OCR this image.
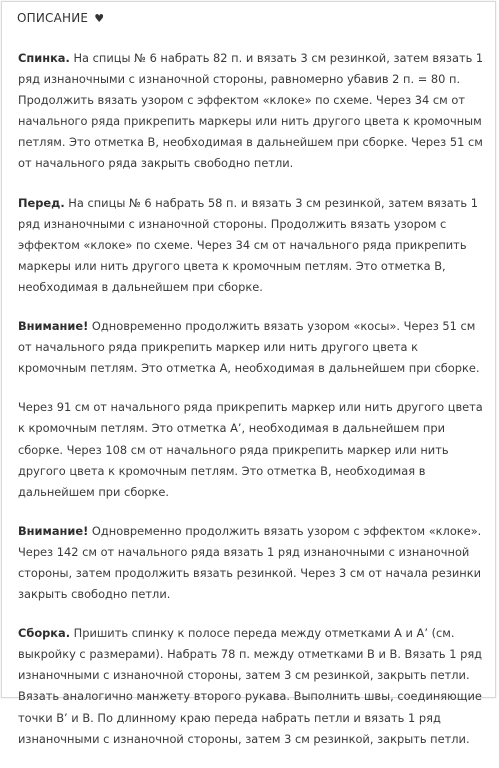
ОПИСАНИЕ ♥

Спинка. На спицы № 6 набрать 82 п. и вязать 3 см резинкой, затем вязать 1 ряд изнаночными с изнаночной стороны, равномерно убавив 2 п. = 80 п. Продолжить вязать узором с эффектом «клоке» по схеме. Через 34 см от начального ряда прикрепить маркеры или нить другого цвета к кромочным петлям. Это отметка B, необходимая в дальнейшем при сборке. Через 51 см от начального ряда закрыть свободно петли.

Перед. На спицы № 6 набрать 58 п. и вязать 3 см резинкой, затем вязать 1 ряд изнаночными с изнаночной стороны. Продолжить вязать узором с эффектом «клоке» по схеме. Через 34 см от начального ряда прикрепить маркеры или нить другого цвета к кромочным петлям. Это отметка B, необходимая в дальнейшем при сборке.

Внимание! Одновременно продолжить вязать узором «косы». Через 51 см от начального ряда прикрепить маркер или нить другого цвета к кромочным петлям. Это отметка А, необходимая в дальнейшем при сборке.

Через 91 см от начального ряда прикрепить маркер или нить другого цвета к кромочным петлям. Это отметка А’, необходимая в дальнейшем при сборке. Через 108 см от начального ряда прикрепить маркер или нить другого цвета к кромочным петлям. Это отметка B, необходимая в дальнейшем при сборке.

Внимание! Одновременно продолжить вязать узором с эффектом «клоке». Через 142 см от начального ряда вязать 1 ряд изнаночными с изнаночной стороны, затем продолжить вязать резинкой. Через 3 см от начала резинки закрыть свободно петли.

Сборка. Пришить спинку к полосе переда между отметками А и А’ (см. выкройку с размерами). Набрать 78 п. между отметками B и B. Вязать 1 ряд изнаночными с изнаночной стороны, затем 3 см резинкой, закрыть петли. Вязать аналогично манжету второго рукава. Выполнить швы, соединяющие точки B’ и B. По длинному краю переда набрать петли и вязать 1 ряд изнаночными с изнаночной стороны, затем 3 см резинкой, закрыть петли.
